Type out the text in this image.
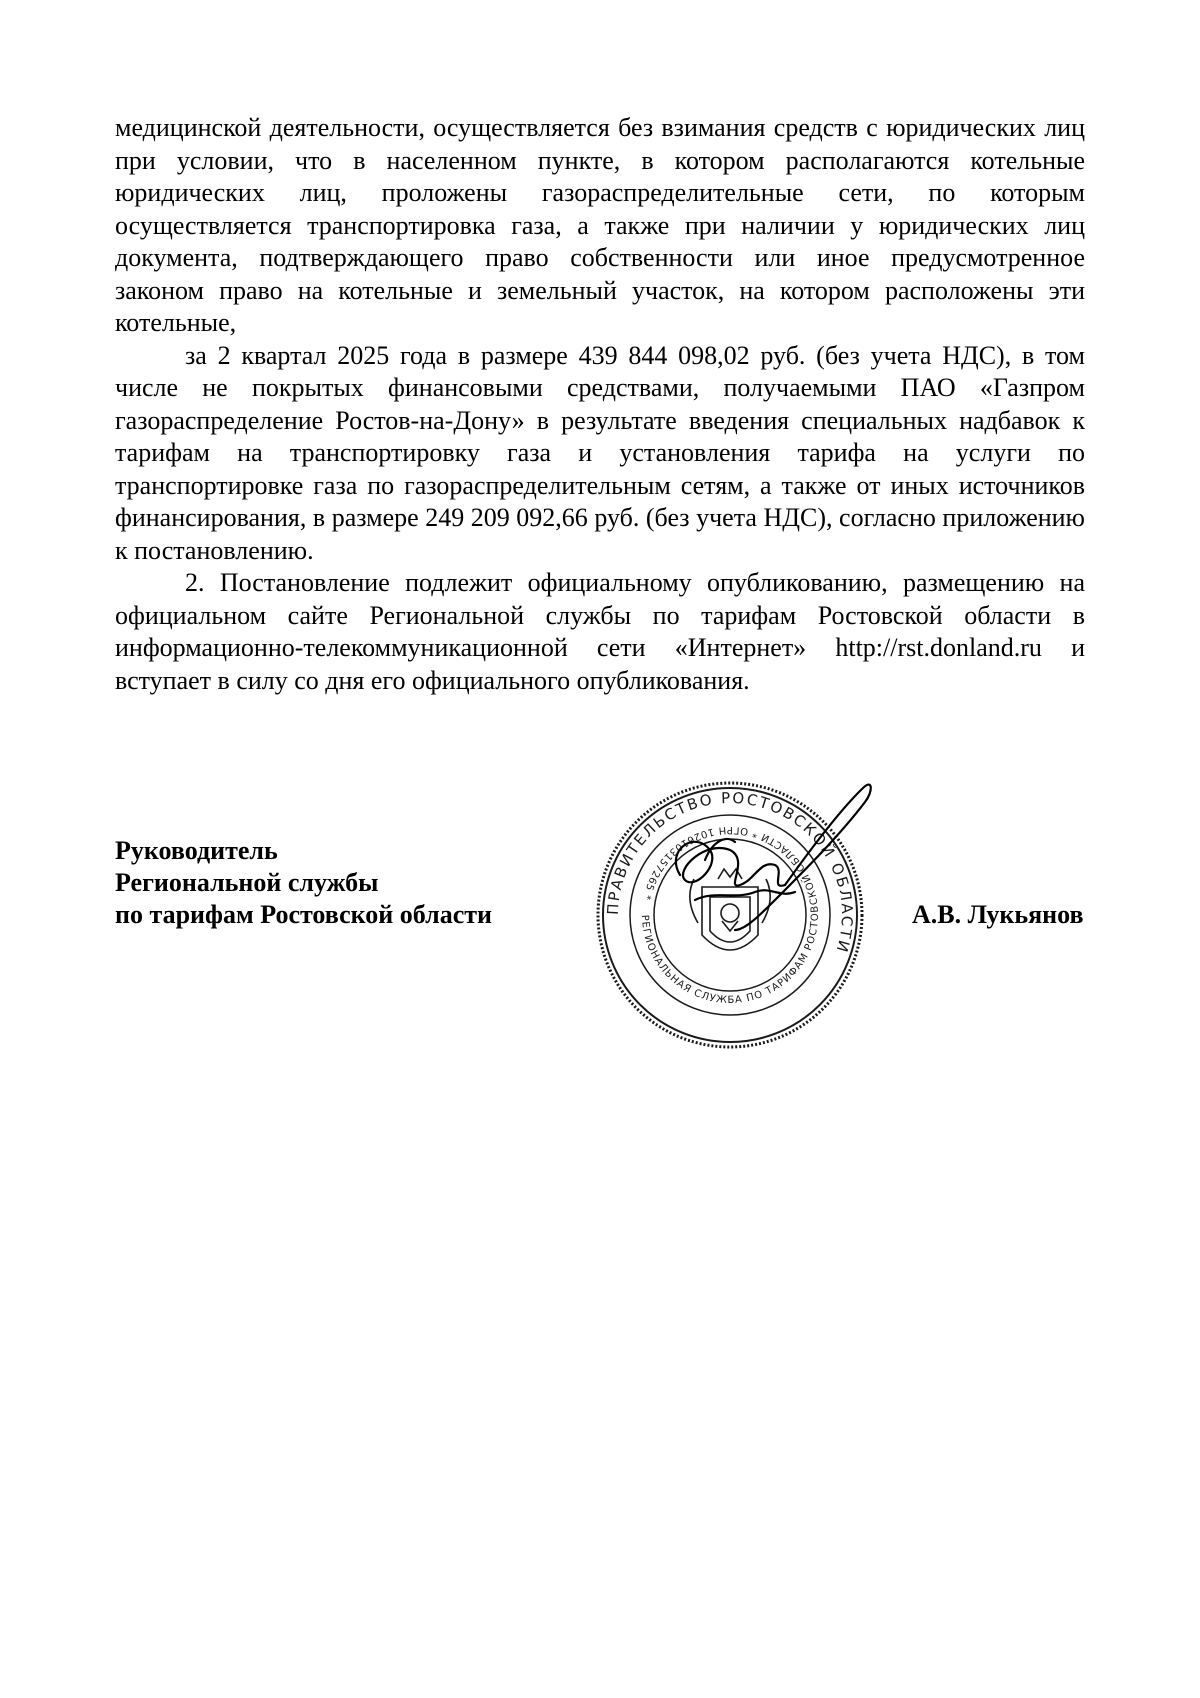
медицинской деятельности, осуществляется без взимания средств с юридических лиц при условии, что в населенном пункте, в котором располагаются котельные юридических лиц, проложены газораспределительные сети, по которым осуществляется транспортировка газа, а также при наличии у юридических лиц документа, подтверждающего право собственности или иное предусмотренное законом право на котельные и земельный участок, на котором расположены эти котельные,

за 2 квартал 2025 года в размере 439 844 098,02 руб. (без учета НДС), в том числе не покрытых финансовыми средствами, получаемыми ПАО «Газпром газораспределение Ростов-на-Дону» в результате введения специальных надбавок к тарифам на транспортировку газа и установления тарифа на услуги по транспортировке газа по газораспределительным сетям, а также от иных источников финансирования, в размере 249 209 092,66 руб. (без учета НДС), согласно приложению к постановлению.

2. Постановление подлежит официальному опубликованию, размещению на официальном сайте Региональной службы по тарифам Ростовской области в информационно-телекоммуникационной сети «Интернет» http://rst.donland.ru и вступает в силу со дня его официального опубликования.

Руководитель
Региональной службы
по тарифам Ростовской области	ПРАВИТЕЛЬСТВО РОСТОВСКОЙ ОБЛАСТИ
РЕГИОНАЛЬНАЯ СЛУЖБА ПО ТАРИФАМ РОСТОВСКОЙ ОБЛАСТИ * ОГРН 1026103157265 *
А.В. Лукьянов
